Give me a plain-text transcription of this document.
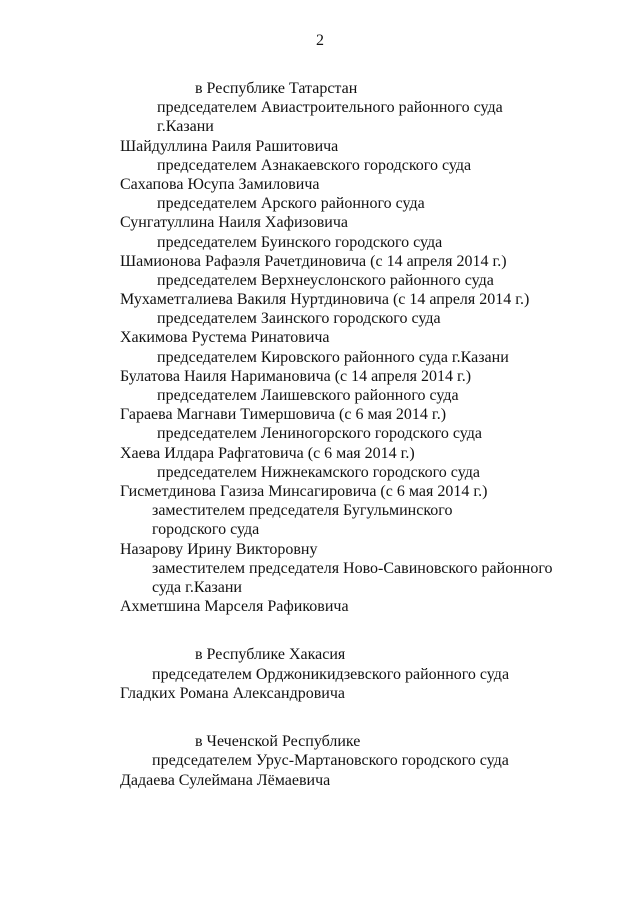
2
в Республике Татарстан
председателем Авиастроительного районного суда
г.Казани
Шайдуллина Раиля Рашитовича
председателем Азнакаевского городского суда
Сахапова Юсупа Замиловича
председателем Арского районного суда
Сунгатуллина Наиля Хафизовича
председателем Буинского городского суда
Шамионова Рафаэля Рачетдиновича (с 14 апреля 2014 г.)
председателем Верхнеуслонского районного суда
Мухаметгалиева Вакиля Нуртдиновича (с 14 апреля 2014 г.)
председателем Заинского городского суда
Хакимова Рустема Ринатовича
председателем Кировского районного суда г.Казани
Булатова Наиля Наримановича (с 14 апреля 2014 г.)
председателем Лаишевского районного суда
Гараева Магнави Тимершовича (с 6 мая 2014 г.)
председателем Лениногорского городского суда
Хаева Илдара Рафгатовича (с 6 мая 2014 г.)
председателем Нижнекамского городского суда
Гисметдинова Газиза Минсагировича (с 6 мая 2014 г.)
заместителем председателя Бугульминского
городского суда
Назарову Ирину Викторовну
заместителем председателя Ново-Савиновского районного
суда г.Казани
Ахметшина Марселя Рафиковича
в Республике Хакасия
председателем Орджоникидзевского районного суда
Гладких Романа Александровича
в Чеченской Республике
председателем Урус-Мартановского городского суда
Дадаева Сулеймана Лёмаевича
